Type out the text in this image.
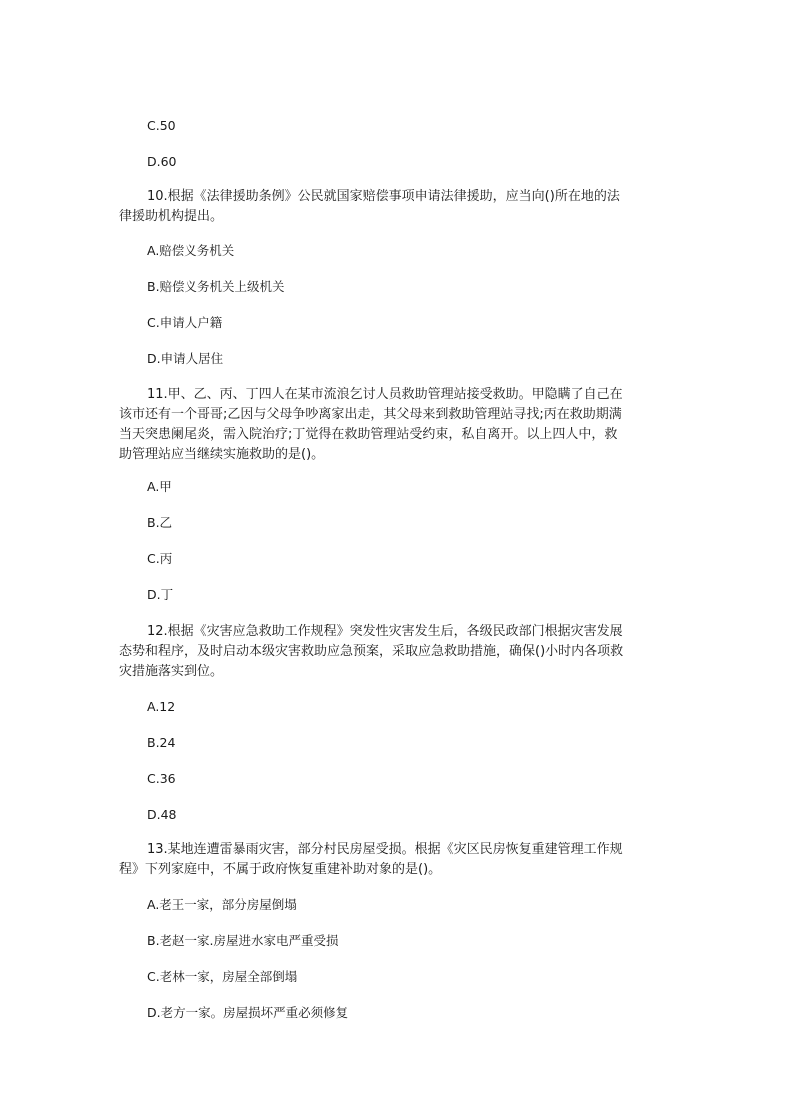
C.50
D.60
10.根据《法律援助条例》公民就国家赔偿事项申请法律援助，应当向()所在地的法
律援助机构提出。
A.赔偿义务机关
B.赔偿义务机关上级机关
C.申请人户籍
D.申请人居住
11.甲、乙、丙、丁四人在某市流浪乞讨人员救助管理站接受救助。甲隐瞒了自己在
该市还有一个哥哥;乙因与父母争吵离家出走，其父母来到救助管理站寻找;丙在救助期满
当天突患阑尾炎，需入院治疗;丁觉得在救助管理站受约束，私自离开。以上四人中，救
助管理站应当继续实施救助的是()。
A.甲
B.乙
C.丙
D.丁
12.根据《灾害应急救助工作规程》突发性灾害发生后，各级民政部门根据灾害发展
态势和程序，及时启动本级灾害救助应急预案，采取应急救助措施，确保()小时内各项救
灾措施落实到位。
A.12
B.24
C.36
D.48
13.某地连遭雷暴雨灾害，部分村民房屋受损。根据《灾区民房恢复重建管理工作规
程》下列家庭中，不属于政府恢复重建补助对象的是()。
A.老王一家，部分房屋倒塌
B.老赵一家.房屋进水家电严重受损
C.老林一家，房屋全部倒塌
D.老方一家。房屋损坏严重必须修复
